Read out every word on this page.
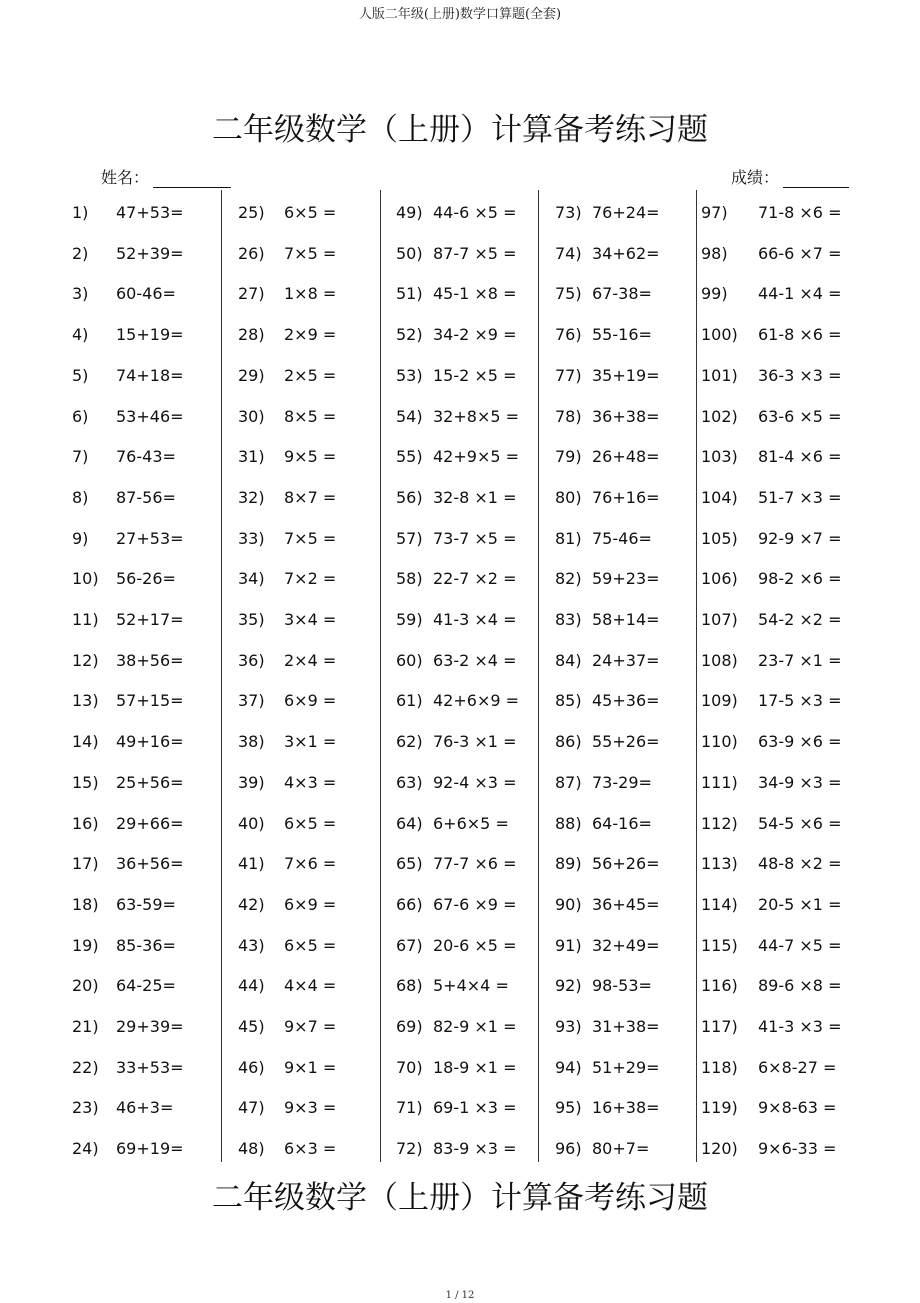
人版二年级(上册)数学口算题(全套)
二年级数学（上册）计算备考练习题
姓名：	成绩：
1) 47+53=
2) 52+39=
3) 60-46=
4) 15+19=
5) 74+18=
6) 53+46=
7) 76-43=
8) 87-56=
9) 27+53=
10) 56-26=
11) 52+17=
12) 38+56=
13) 57+15=
14) 49+16=
15) 25+56=
16) 29+66=
17) 36+56=
18) 63-59=
19) 85-36=
20) 64-25=
21) 29+39=
22) 33+53=
23) 46+3=
24) 69+19=
25) 6×5 =
26) 7×5 =
27) 1×8 =
28) 2×9 =
29) 2×5 =
30) 8×5 =
31) 9×5 =
32) 8×7 =
33) 7×5 =
34) 7×2 =
35) 3×4 =
36) 2×4 =
37) 6×9 =
38) 3×1 =
39) 4×3 =
40) 6×5 =
41) 7×6 =
42) 6×9 =
43) 6×5 =
44) 4×4 =
45) 9×7 =
46) 9×1 =
47) 9×3 =
48) 6×3 =
49) 44-6 ×5 =
50) 87-7 ×5 =
51) 45-1 ×8 =
52) 34-2 ×9 =
53) 15-2 ×5 =
54) 32+8×5 =
55) 42+9×5 =
56) 32-8 ×1 =
57) 73-7 ×5 =
58) 22-7 ×2 =
59) 41-3 ×4 =
60) 63-2 ×4 =
61) 42+6×9 =
62) 76-3 ×1 =
63) 92-4 ×3 =
64) 6+6×5 =
65) 77-7 ×6 =
66) 67-6 ×9 =
67) 20-6 ×5 =
68) 5+4×4 =
69) 82-9 ×1 =
70) 18-9 ×1 =
71) 69-1 ×3 =
72) 83-9 ×3 =
73) 76+24=
74) 34+62=
75) 67-38=
76) 55-16=
77) 35+19=
78) 36+38=
79) 26+48=
80) 76+16=
81) 75-46=
82) 59+23=
83) 58+14=
84) 24+37=
85) 45+36=
86) 55+26=
87) 73-29=
88) 64-16=
89) 56+26=
90) 36+45=
91) 32+49=
92) 98-53=
93) 31+38=
94) 51+29=
95) 16+38=
96) 80+7=
97) 71-8 ×6 =
98) 66-6 ×7 =
99) 44-1 ×4 =
100) 61-8 ×6 =
101) 36-3 ×3 =
102) 63-6 ×5 =
103) 81-4 ×6 =
104) 51-7 ×3 =
105) 92-9 ×7 =
106) 98-2 ×6 =
107) 54-2 ×2 =
108) 23-7 ×1 =
109) 17-5 ×3 =
110) 63-9 ×6 =
111) 34-9 ×3 =
112) 54-5 ×6 =
113) 48-8 ×2 =
114) 20-5 ×1 =
115) 44-7 ×5 =
116) 89-6 ×8 =
117) 41-3 ×3 =
118) 6×8-27 =
119) 9×8-63 =
120) 9×6-33 =
二年级数学（上册）计算备考练习题
1 / 12
